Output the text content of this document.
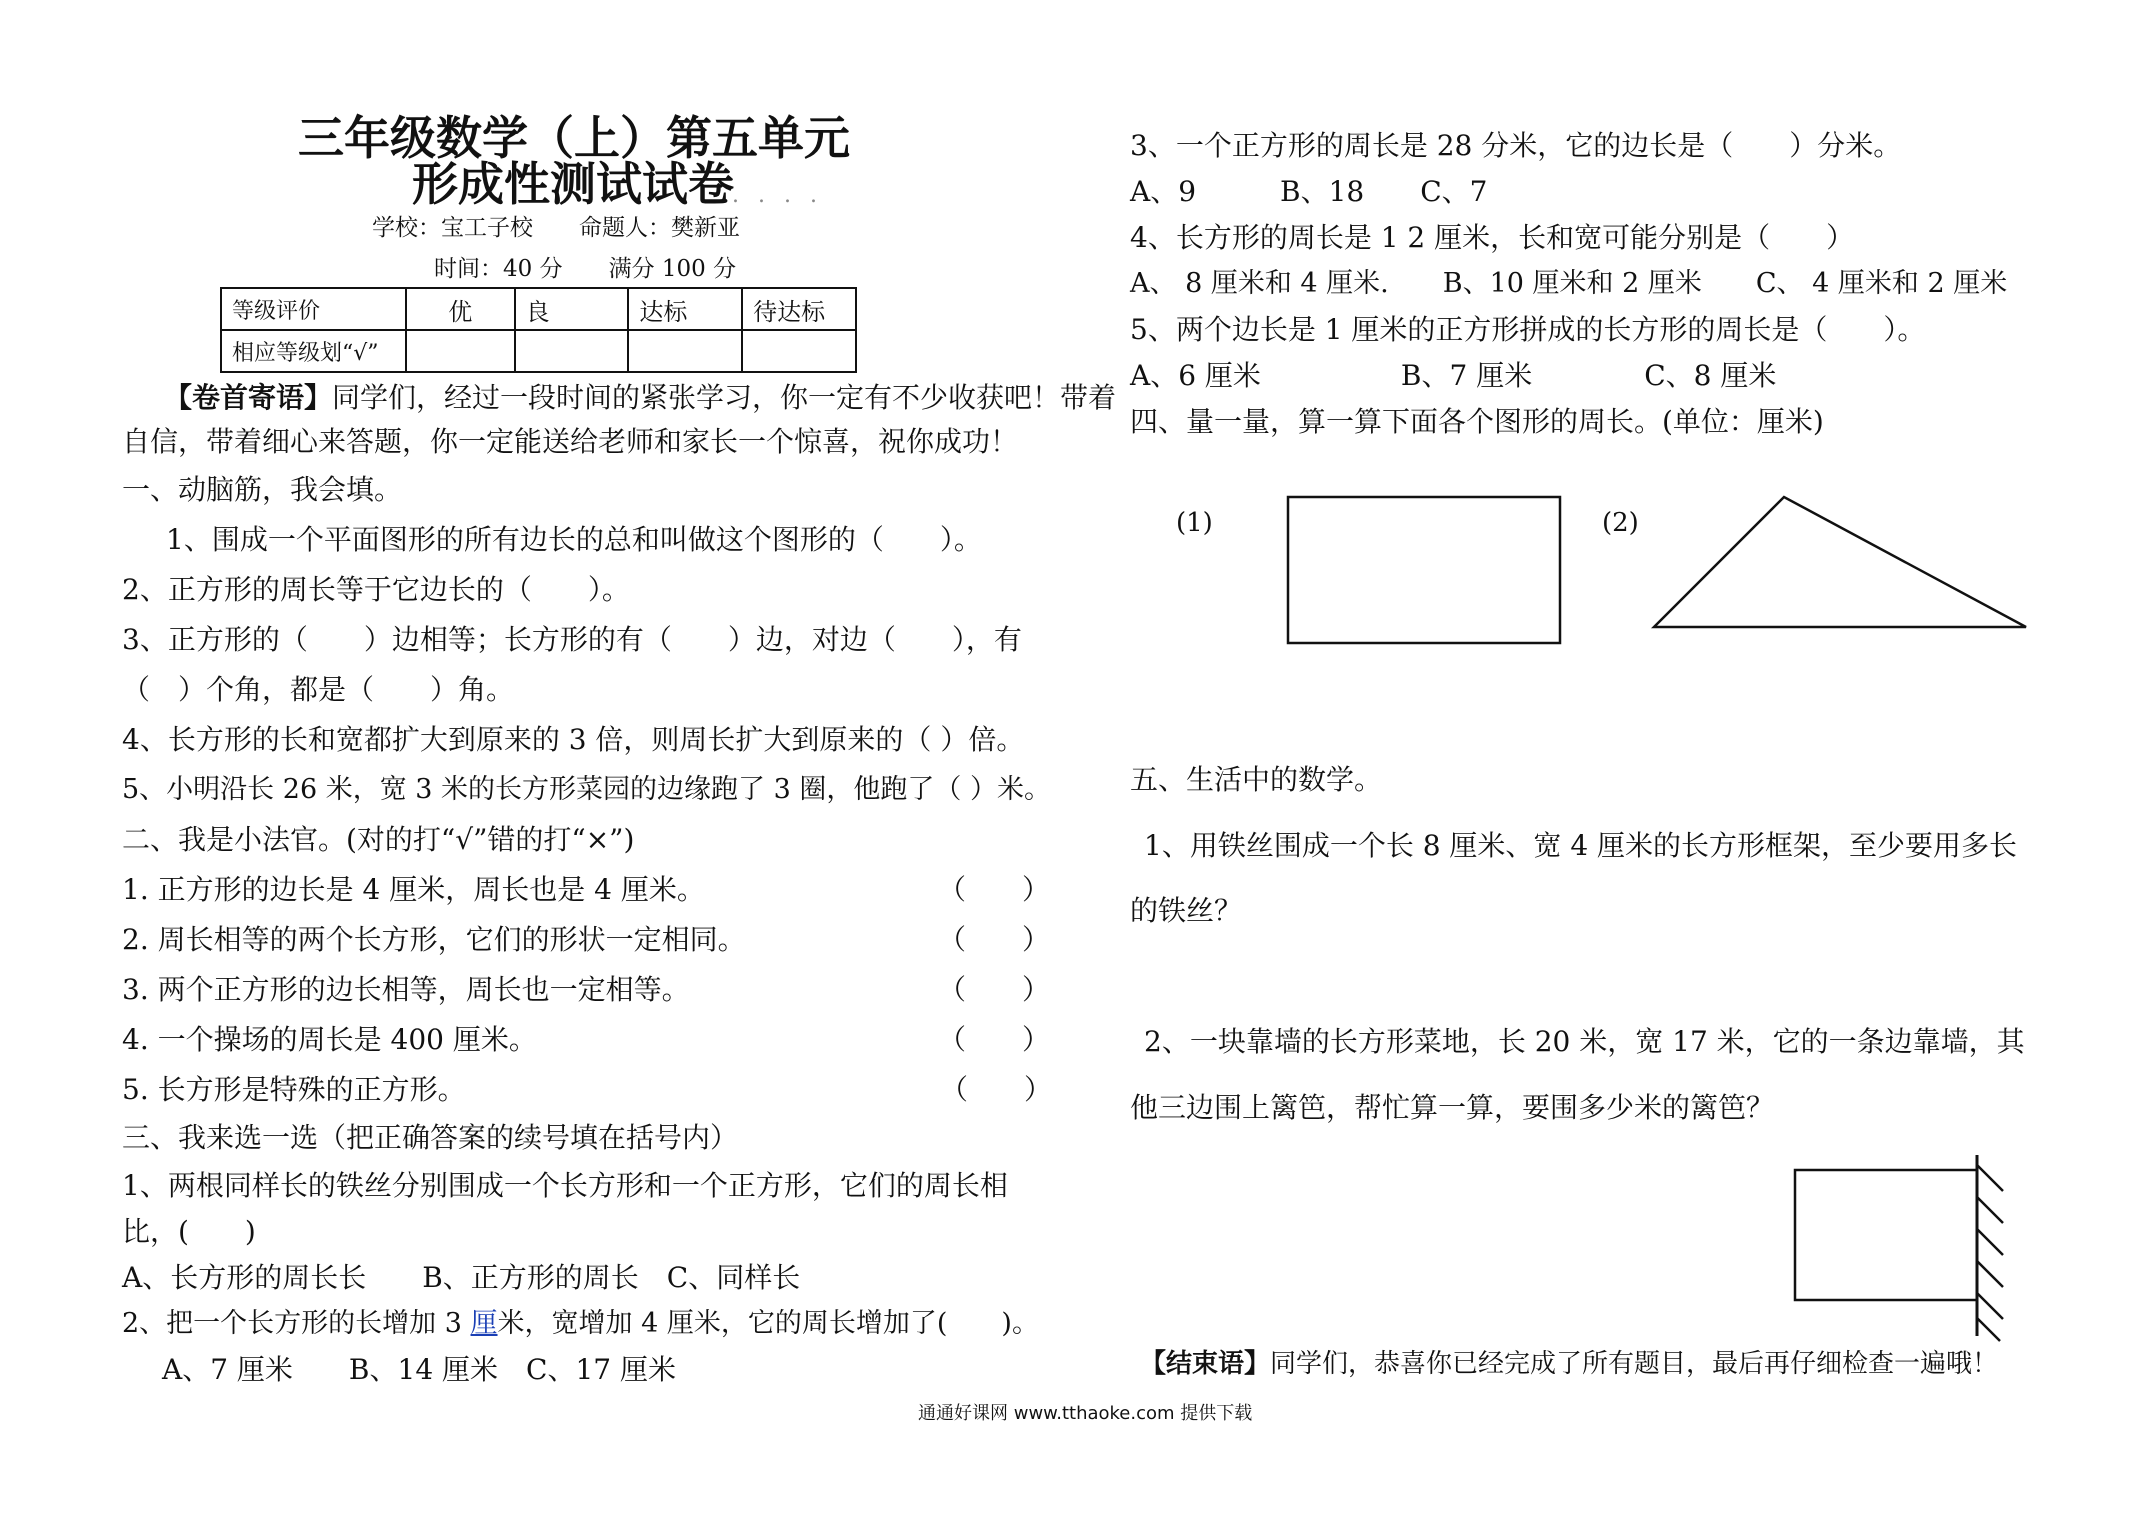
三年级数学（上）第五单元
形成性测试试卷
. . . .
学校：宝工子校　　命题人：樊新亚
时间：40 分　　满分 100 分
等级评价	优	良	达标	待达标
相应等级划“√”				
【卷首寄语】同学们，经过一段时间的紧张学习，你一定有不少收获吧！带着
自信，带着细心来答题，你一定能送给老师和家长一个惊喜，祝你成功！
一、动脑筋，我会填。
1、围成一个平面图形的所有边长的总和叫做这个图形的（　　）。
2、正方形的周长等于它边长的（　　）。
3、正方形的（　　）边相等；长方形的有（　　）边，对边（　　），有
（　）个角，都是（　　）角。
4、长方形的长和宽都扩大到原来的 3 倍，则周长扩大到原来的（ ）倍。
5、小明沿长 26 米，宽 3 米的长方形菜园的边缘跑了 3 圈，他跑了（ ）米。
二、我是小法官。(对的打“√”错的打“×”)
1. 正方形的边长是 4 厘米，周长也是 4 厘米。	（　　）
2. 周长相等的两个长方形，它们的形状一定相同。	（　　）
3. 两个正方形的边长相等，周长也一定相等。	（　　）
4. 一个操场的周长是 400 厘米。	（　　）
5. 长方形是特殊的正方形。	（　　）
三、我来选一选（把正确答案的续号填在括号内）
1、两根同样长的铁丝分别围成一个长方形和一个正方形，它们的周长相
比，(　　)
A、长方形的周长长　　B、正方形的周长　C、同样长
2、把一个长方形的长增加 3 厘米，宽增加 4 厘米，它的周长增加了(　　)。
A、7 厘米　　B、14 厘米　C、17 厘米
3、一个正方形的周长是 28 分米，它的边长是（　　）分米。
A、9　　　B、18　　C、7
4、长方形的周长是 1 2 厘米，长和宽可能分别是（　　）
A、 8 厘米和 4 厘米.　　B、10 厘米和 2 厘米　　C、 4 厘米和 2 厘米
5、两个边长是 1 厘米的正方形拼成的长方形的周长是（　　）。
A、6 厘米　　　　　B、7 厘米　　　　C、8 厘米
四、量一量，算一算下面各个图形的周长。(单位：厘米)
(1)	(2)
五、生活中的数学。
1、用铁丝围成一个长 8 厘米、宽 4 厘米的长方形框架，至少要用多长
的铁丝？
2、一块靠墙的长方形菜地，长 20 米，宽 17 米，它的一条边靠墙，其
他三边围上篱笆，帮忙算一算，要围多少米的篱笆？
【结束语】同学们，恭喜你已经完成了所有题目，最后再仔细检查一遍哦！
通通好课网 www.tthaoke.com 提供下载
